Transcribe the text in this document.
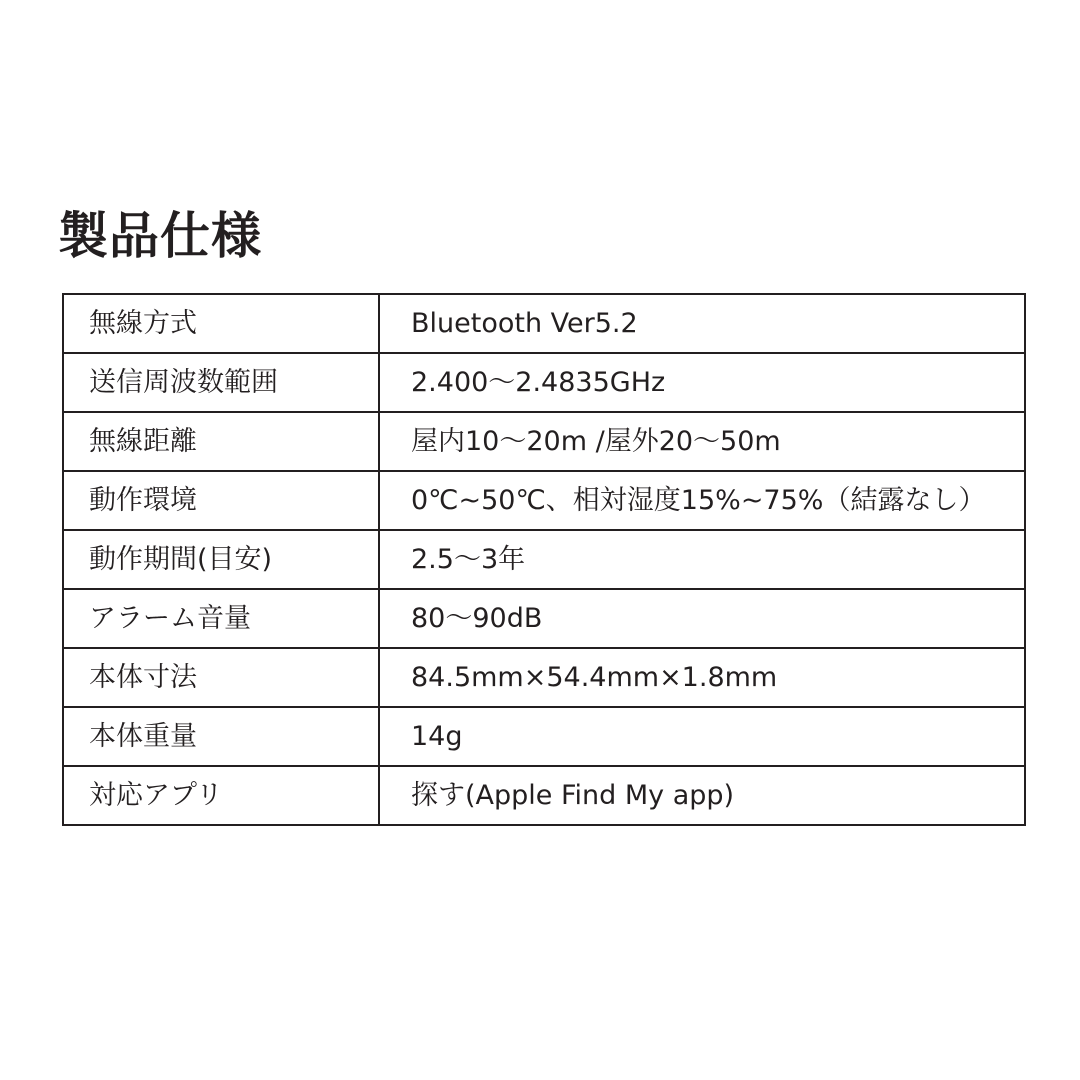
製品仕様
無線方式	Bluetooth Ver5.2
送信周波数範囲	2.400〜2.4835GHz
無線距離	屋内10〜20m /屋外20〜50m
動作環境	0℃~50℃、相対湿度15%~75%（結露なし）
動作期間(目安)	2.5〜3年
アラーム音量	80〜90dB
本体寸法	84.5mm×54.4mm×1.8mm
本体重量	14g
対応アプリ	探す(Apple Find My app)
